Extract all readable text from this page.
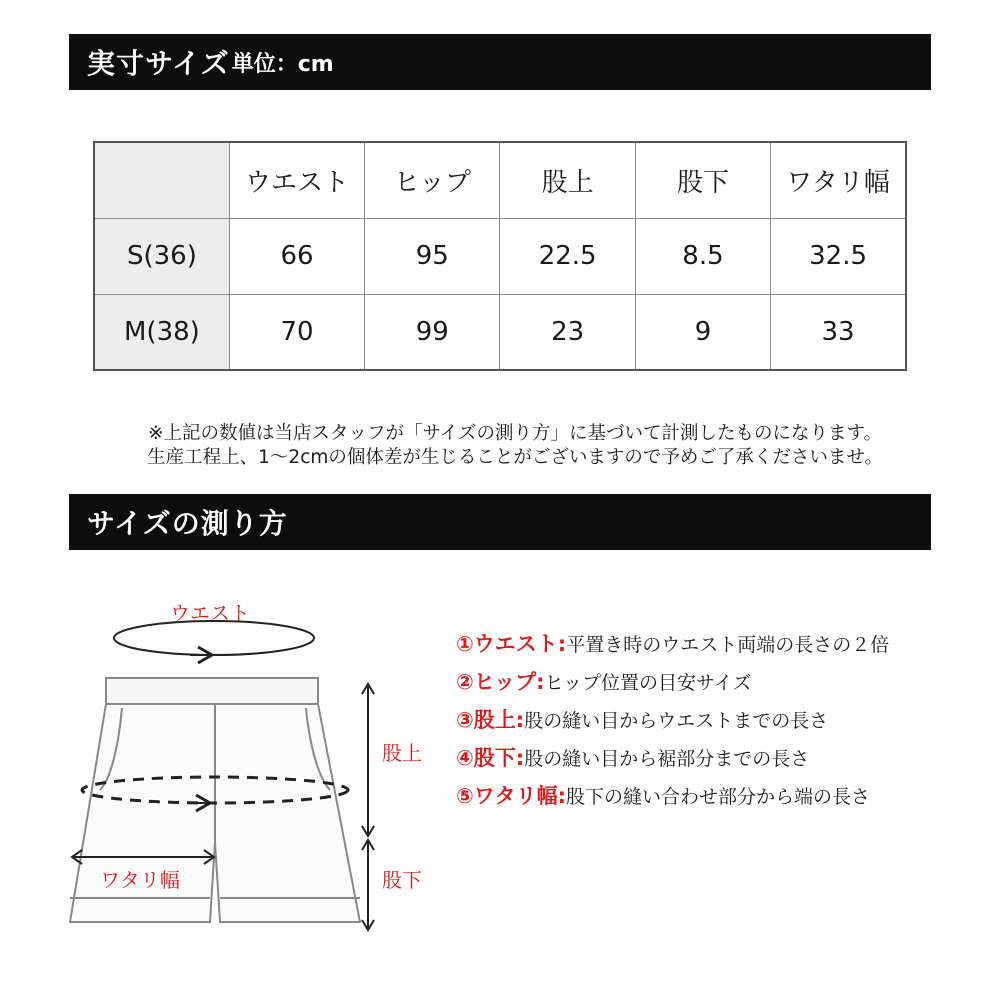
実寸サイズ 単位：cm
	ウエスト	ヒップ	股上	股下	ワタリ幅
S(36)	66	95	22.5	8.5	32.5
M(38)	70	99	23	9	33
※上記の数値は当店スタッフが「サイズの測り方」に基づいて計測したものになります。
生産工程上、1〜2cmの個体差が生じることがございますので予めご了承くださいませ。
サイズの測り方
ウエスト
ワタリ幅
股上
股下
①ウエスト: 平置き時のウエスト両端の長さの２倍
②ヒップ: ヒップ位置の目安サイズ
③股上: 股の縫い目からウエストまでの長さ
④股下: 股の縫い目から裾部分までの長さ
⑤ワタリ幅: 股下の縫い合わせ部分から端の長さ
